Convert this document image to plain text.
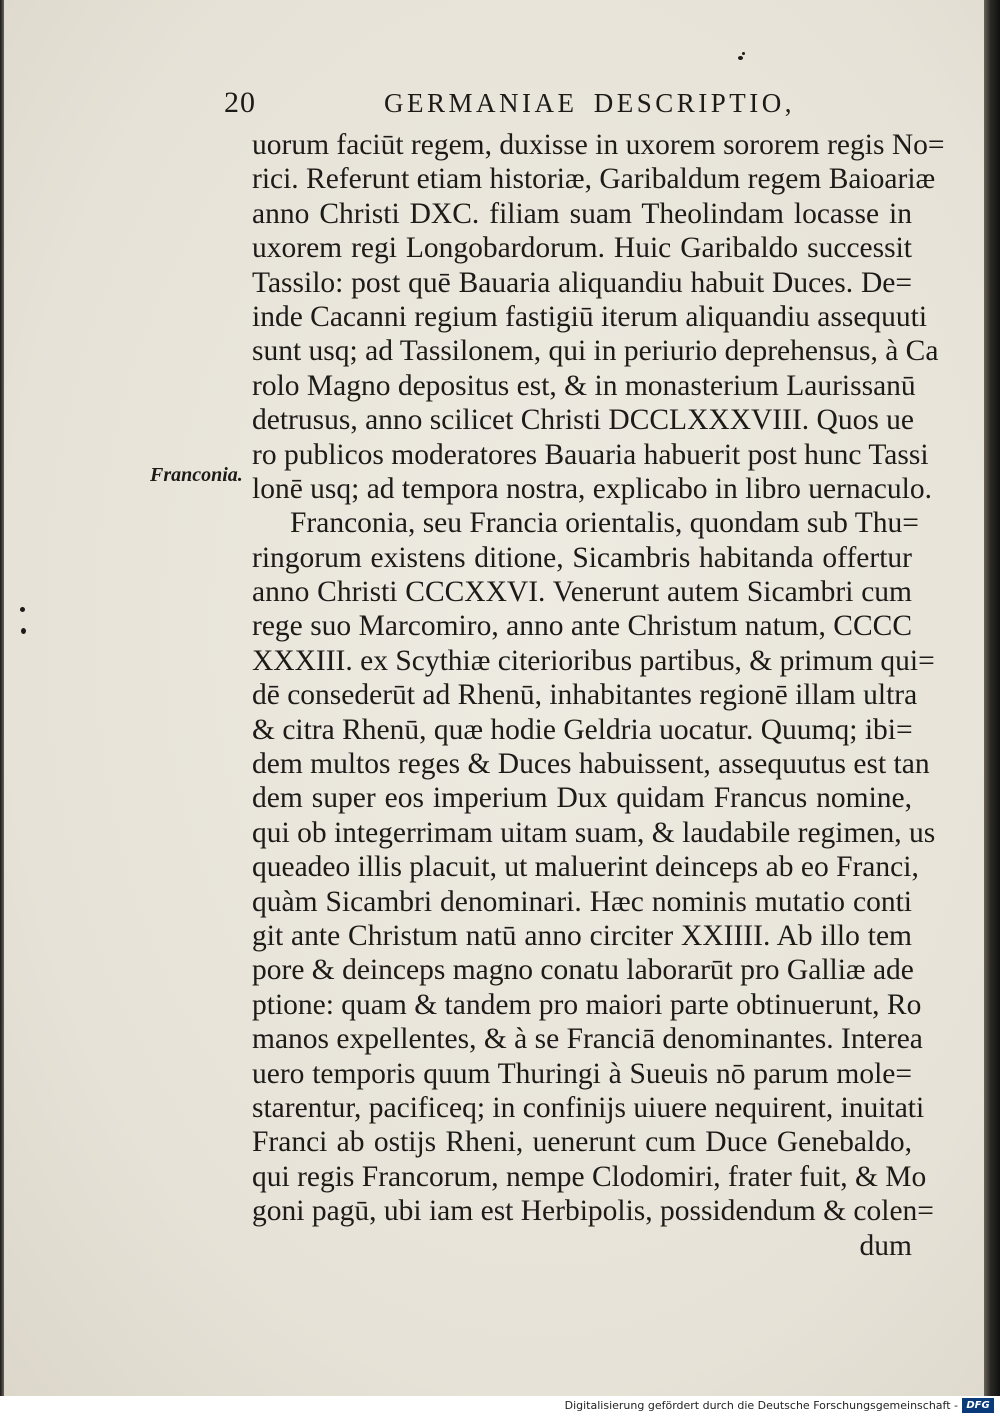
20	GERMANIAE DESCRIPTIO,
Franconia.
uorum faciūt regem, duxisse in uxorem sororem regis No=
rici. Referunt etiam historiæ, Garibaldum regem Baioariæ
anno Christi DXC. filiam suam Theolindam locasse in
uxorem regi Longobardorum. Huic Garibaldo successit
Tassilo: post quē Bauaria aliquandiu habuit Duces. De=
inde Cacanni regium fastigiū iterum aliquandiu assequuti
sunt usq; ad Tassilonem, qui in periurio deprehensus, à Ca
rolo Magno depositus est, & in monasterium Laurissanū
detrusus, anno scilicet Christi DCCLXXXVIII. Quos ue
ro publicos moderatores Bauaria habuerit post hunc Tassi
lonē usq; ad tempora nostra, explicabo in libro uernaculo.
Franconia, seu Francia orientalis, quondam sub Thu=
ringorum existens ditione, Sicambris habitanda offertur
anno Christi CCCXXVI. Venerunt autem Sicambri cum
rege suo Marcomiro, anno ante Christum natum, CCCC
XXXIII. ex Scythiæ citerioribus partibus, & primum qui=
dē consederūt ad Rhenū, inhabitantes regionē illam ultra
& citra Rhenū, quæ hodie Geldria uocatur. Quumq; ibi=
dem multos reges & Duces habuissent, assequutus est tan
dem super eos imperium Dux quidam Francus nomine,
qui ob integerrimam uitam suam, & laudabile regimen, us
queadeo illis placuit, ut maluerint deinceps ab eo Franci,
quàm Sicambri denominari. Hæc nominis mutatio conti
git ante Christum natū anno circiter XXIIII. Ab illo tem
pore & deinceps magno conatu laborarūt pro Galliæ ade
ptione: quam & tandem pro maiori parte obtinuerunt, Ro
manos expellentes, & à se Franciā denominantes. Interea
uero temporis quum Thuringi à Sueuis nō parum mole=
starentur, pacificeq; in confinijs uiuere nequirent, inuitati
Franci ab ostijs Rheni, uenerunt cum Duce Genebaldo,
qui regis Francorum, nempe Clodomiri, frater fuit, & Mo
goni pagū, ubi iam est Herbipolis, possidendum & colen=
dum
Digitalisierung gefördert durch die Deutsche Forschungsgemeinschaft - DFG
